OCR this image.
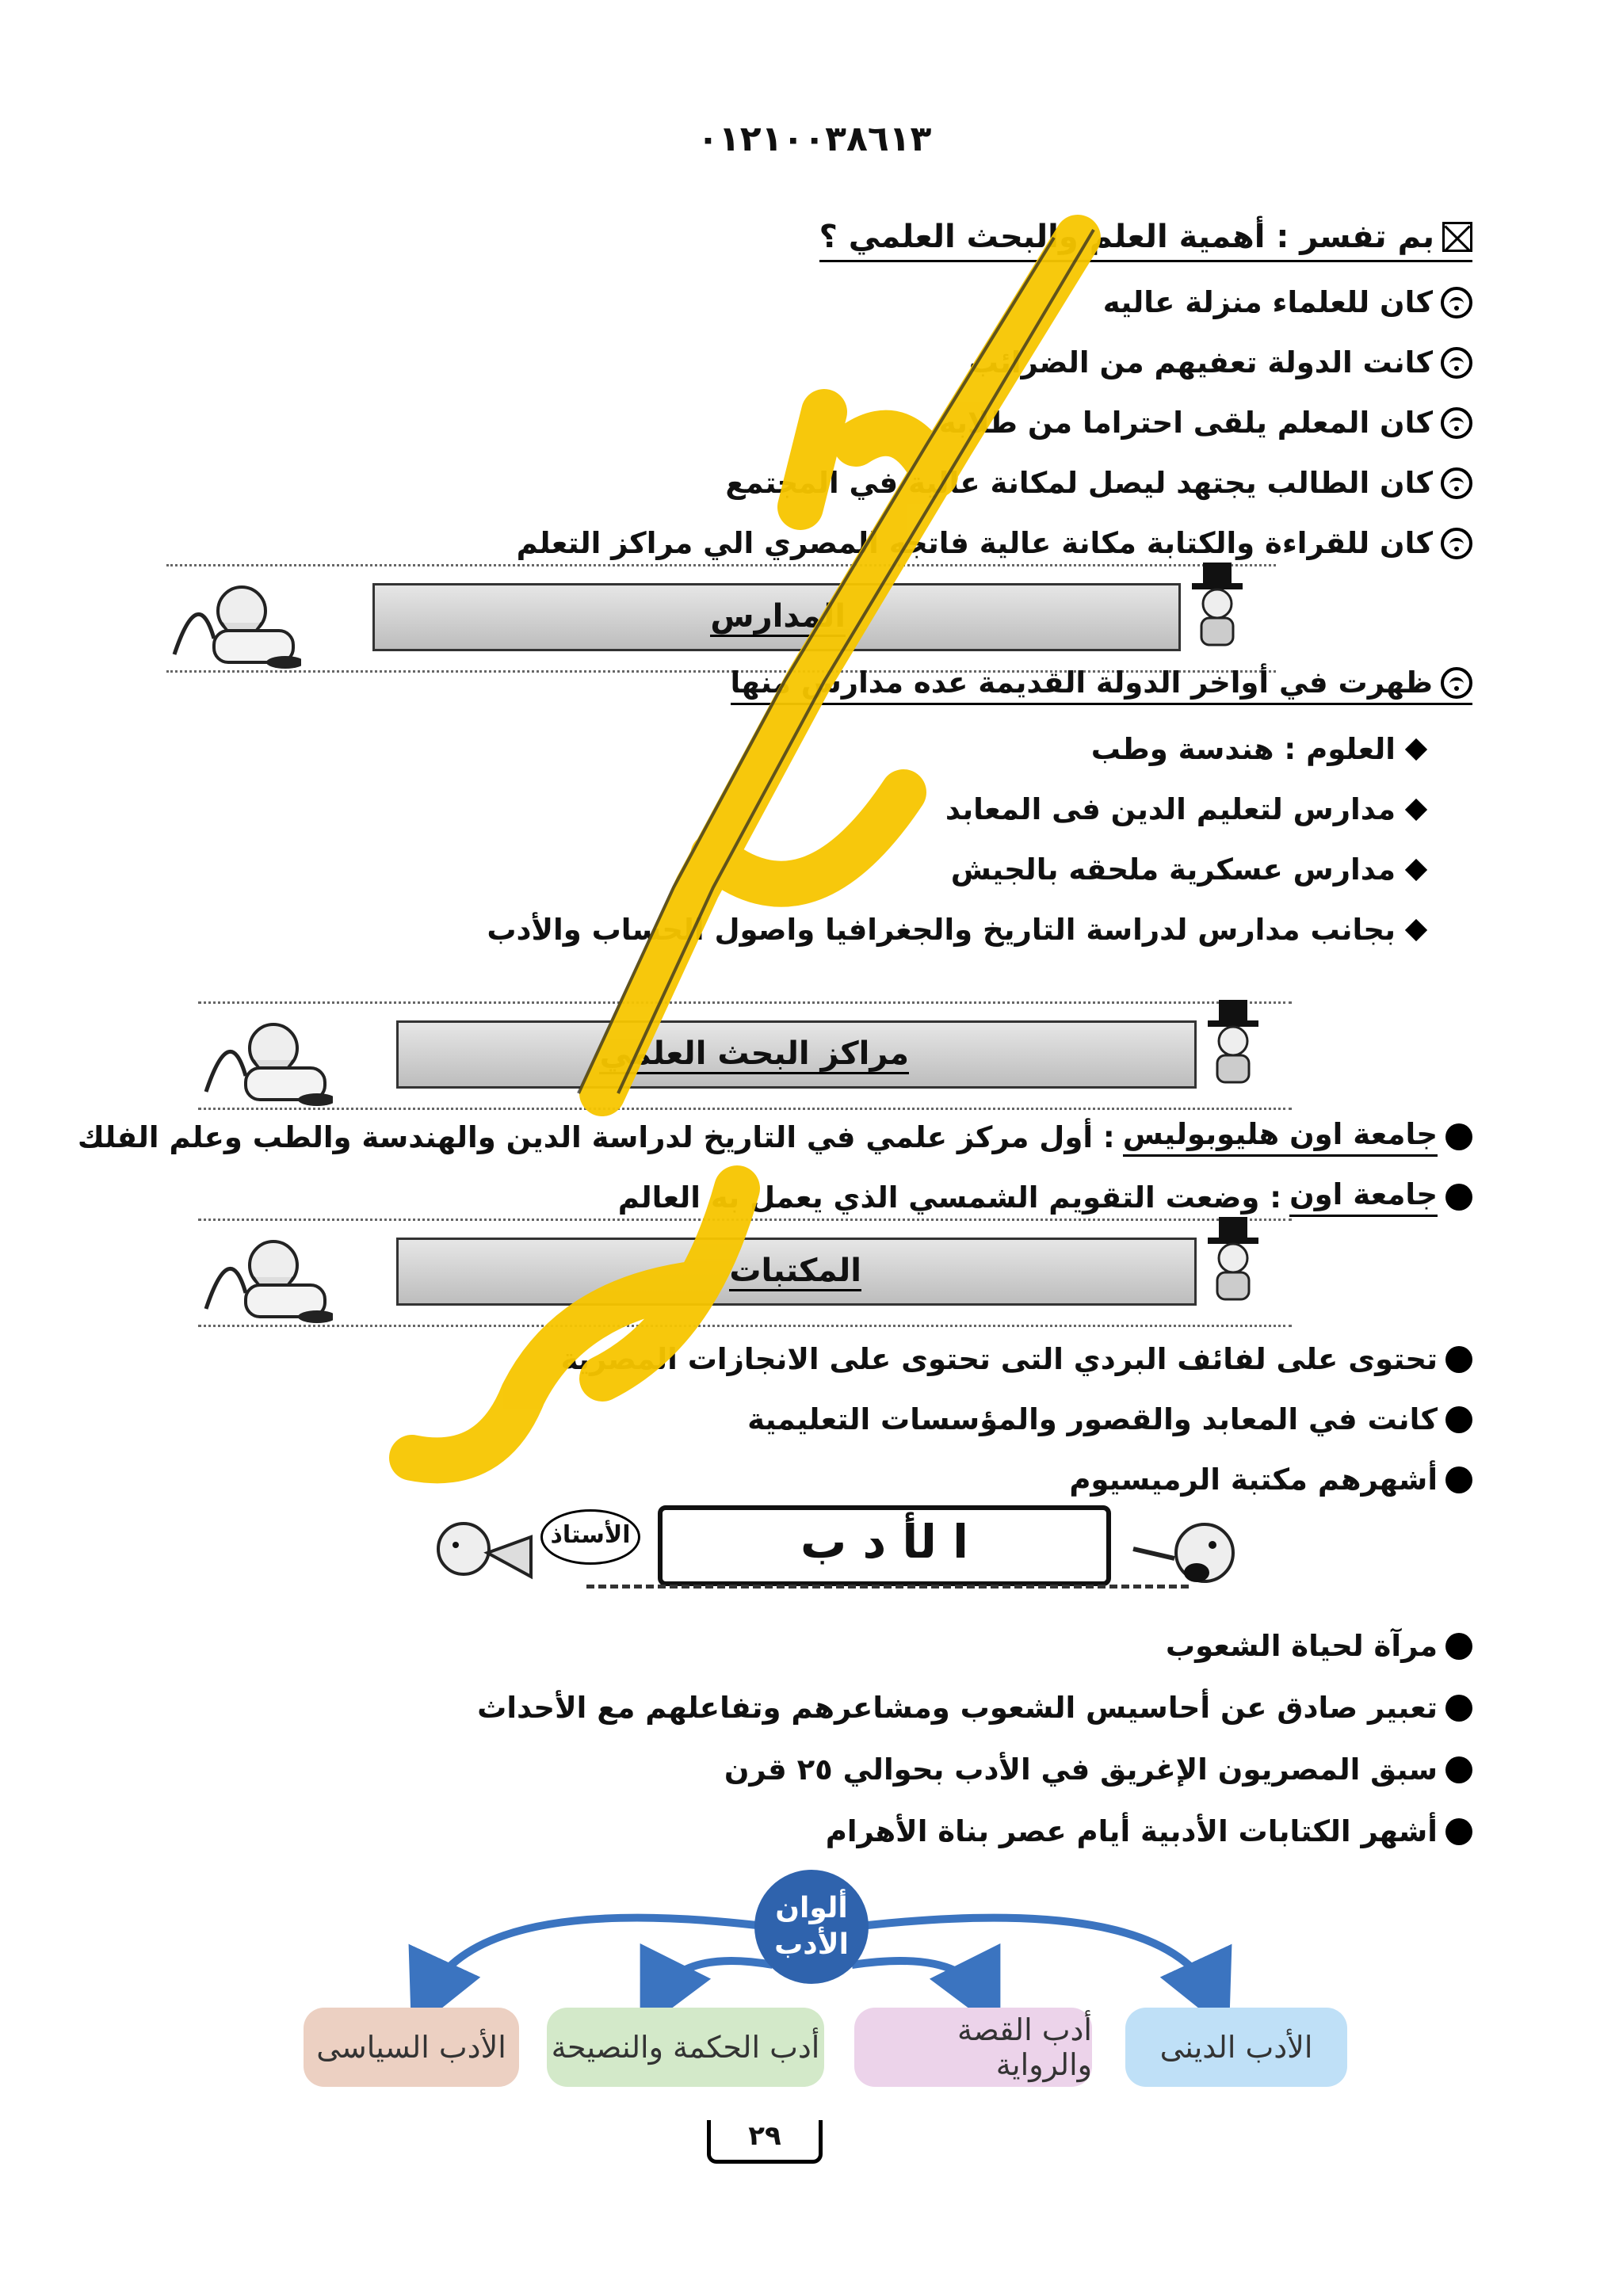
٠١٢١٠٠٣٨٦١٣
بم تفسر : أهمية العلم والبحث العلمي ؟
كان للعلماء منزلة عاليه
كانت الدولة تعفيهم من الضرائب
كان المعلم يلقى احتراما من طلابه
كان الطالب يجتهد ليصل لمكانة عالية في المجتمع
كان للقراءة والكتابة مكانة عالية فاتجه المصري الي مراكز التعلم
المدارس
ظهرت في أواخر الدولة القديمة عده مدارس منها
العلوم : هندسة وطب
مدارس لتعليم الدين فى المعابد
مدارس عسكرية ملحقه بالجيش
بجانب مدارس لدراسة التاريخ والجغرافيا واصول الحساب والأدب
مراكز البحث العلمي
جامعة اون هليوبوليس
: أول مركز علمي في التاريخ لدراسة الدين والهندسة والطب وعلم الفلك
جامعة اون
: وضعت التقويم الشمسي الذي يعمل به العالم
المكتبات
تحتوى على لفائف البردي التى تحتوى على الانجازات المصرية
كانت في المعابد والقصور والمؤسسات التعليمية
أشهرهم مكتبة الرميسيوم
الأستاذ	ا لأ د ب
مرآة لحياة الشعوب
تعبير صادق عن أحاسيس الشعوب ومشاعرهم وتفاعلهم مع الأحداث
سبق المصريون الإغريق في الأدب بحوالي ٢٥ قرن
أشهر الكتابات الأدبية أيام عصر بناة الأهرام
ألوان
الأدب
الأدب الدينى
أدب القصة والرواية
أدب الحكمة والنصيحة
الأدب السياسى
٢٩
